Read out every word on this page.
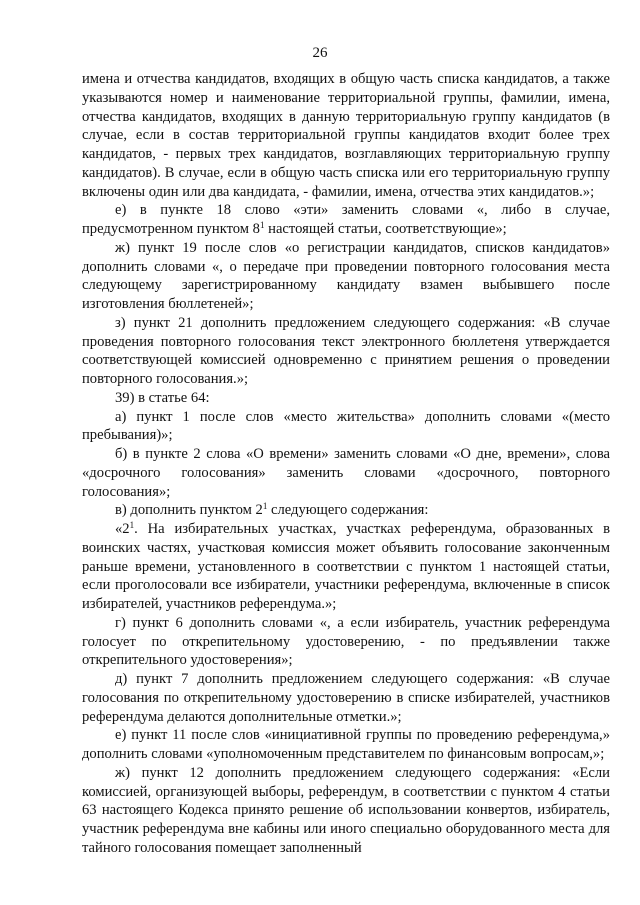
26

имена и отчества кандидатов, входящих в общую часть списка кандидатов, а также указываются номер и наименование территориальной группы, фамилии, имена, отчества кандидатов, входящих в данную территориальную группу кандидатов (в случае, если в состав территориальной группы кандидатов входит более трех кандидатов, - первых трех кандидатов, возглавляющих территориальную группу кандидатов). В случае, если в общую часть списка или его территориальную группу включены один или два кандидата, - фамилии, имена, отчества этих кандидатов.»;

е) в пункте 18 слово «эти» заменить словами «, либо в случае, предусмотренном пунктом $8^1$ настоящей статьи, соответствующие»;

ж) пункт 19 после слов «о регистрации кандидатов, списков кандидатов» дополнить словами «, о передаче при проведении повторного голосования места следующему зарегистрированному кандидату взамен выбывшего после изготовления бюллетеней»;

з) пункт 21 дополнить предложением следующего содержания: «В случае проведения повторного голосования текст электронного бюллетеня утверждается соответствующей комиссией одновременно с принятием решения о проведении повторного голосования.»;

39) в статье 64:

а) пункт 1 после слов «место жительства» дополнить словами «(место пребывания)»;

б) в пункте 2 слова «О времени» заменить словами «О дне, времени», слова «досрочного голосования» заменить словами «досрочного, повторного голосования»;

в) дополнить пунктом $2^1$ следующего содержания:

«$2^1$. На избирательных участках, участках референдума, образованных в воинских частях, участковая комиссия может объявить голосование законченным раньше времени, установленного в соответствии с пунктом 1 настоящей статьи, если проголосовали все избиратели, участники референдума, включенные в список избирателей, участников референдума.»;

г) пункт 6 дополнить словами «, а если избиратель, участник референдума голосует по открепительному удостоверению, - по предъявлении также открепительного удостоверения»;

д) пункт 7 дополнить предложением следующего содержания: «В случае голосования по открепительному удостоверению в списке избирателей, участников референдума делаются дополнительные отметки.»;

е) пункт 11 после слов «инициативной группы по проведению референдума,» дополнить словами «уполномоченным представителем по финансовым вопросам,»;

ж) пункт 12 дополнить предложением следующего содержания: «Если комиссией, организующей выборы, референдум, в соответствии с пунктом 4 статьи 63 настоящего Кодекса принято решение об использовании конвертов, избиратель, участник референдума вне кабины или иного специально оборудованного места для тайного голосования помещает заполненный
